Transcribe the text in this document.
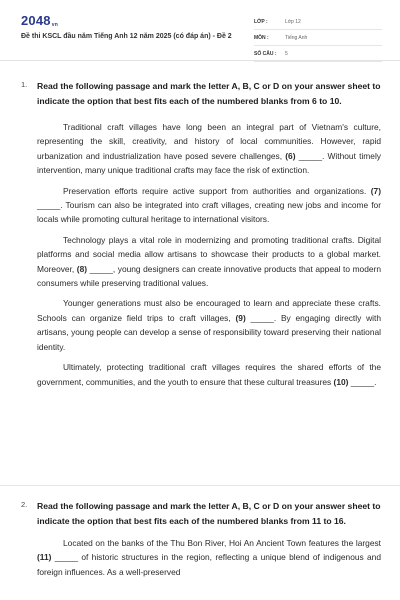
$2048_{vn}$
Đề thi KSCL đầu năm Tiếng Anh 12 năm 2025 (có đáp án) - Đề 2
LỚP :	Lớp 12
MÔN :	Tiếng Anh
SỐ CÂU :	5
1. Read the following passage and mark the letter A, B, C or D on your answer sheet to indicate the option that best fits each of the numbered blanks from 6 to 10.

Traditional craft villages have long been an integral part of Vietnam's culture, representing the skill, creativity, and history of local communities. However, rapid urbanization and industrialization have posed severe challenges, (6) _____. Without timely intervention, many unique traditional crafts may face the risk of extinction.

Preservation efforts require active support from authorities and organizations. (7) _____. Tourism can also be integrated into craft villages, creating new jobs and income for locals while promoting cultural heritage to international visitors.

Technology plays a vital role in modernizing and promoting traditional crafts. Digital platforms and social media allow artisans to showcase their products to a global market. Moreover, (8) _____, young designers can create innovative products that appeal to modern consumers while preserving traditional values.

Younger generations must also be encouraged to learn and appreciate these crafts. Schools can organize field trips to craft villages, (9) _____. By engaging directly with artisans, young people can develop a sense of responsibility toward preserving their national identity.

Ultimately, protecting traditional craft villages requires the shared efforts of the government, communities, and the youth to ensure that these cultural treasures (10) _____.

2. Read the following passage and mark the letter A, B, C or D on your answer sheet to indicate the option that best fits each of the numbered blanks from 11 to 16.

Located on the banks of the Thu Bon River, Hoi An Ancient Town features the largest (11) _____ of historic structures in the region, reflecting a unique blend of indigenous and foreign influences. As a well-preserved
